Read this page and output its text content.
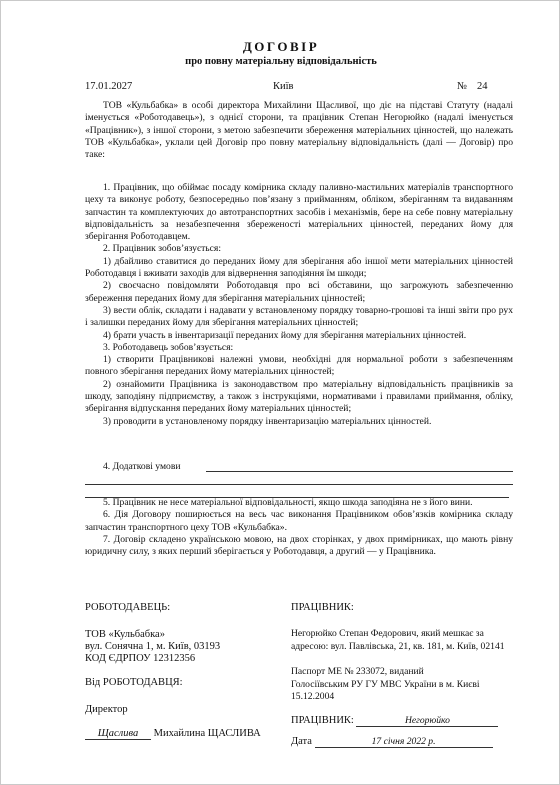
ДОГОВІР
про повну матеріальну відповідальність
17.01.2027	Київ	№ 24

ТОВ «Кульбабка» в особі директора Михайлини Щасливої, що діє на підставі Статуту (надалі іменується «Роботодавець»), з однієї сторони, та працівник Степан Негорюйко (надалі іменується «Працівник»), з іншої сторони, з метою забезпечити збереження матеріальних цінностей, що належать ТОВ «Кульбабка», уклали цей Договір про повну матеріальну відповідальність (далі — Договір) про таке:

1. Працівник, що обіймає посаду комірника складу паливно-мастильних матеріалів транспортного цеху та виконує роботу, безпосередньо пов’язану з прийманням, обліком, зберіганням та видаванням запчастин та комплектуючих до автотранспортних засобів і механізмів, бере на себе повну матеріальну відповідальність за незабезпечення збереженості матеріальних цінностей, переданих йому для зберігання Роботодавцем.

2. Працівник зобов’язується:

1) дбайливо ставитися до переданих йому для зберігання або іншої мети матеріальних цінностей Роботодавця і вживати заходів для відвернення заподіяння їм шкоди;

2) своєчасно повідомляти Роботодавця про всі обставини, що загрожують забезпеченню збереження переданих йому для зберігання матеріальних цінностей;

3) вести облік, складати і надавати у встановленому порядку товарно-грошові та інші звіти про рух і залишки переданих йому для зберігання матеріальних цінностей;

4) брати участь в інвентаризації переданих йому для зберігання матеріальних цінностей.

3. Роботодавець зобов’язується:

1) створити Працівникові належні умови, необхідні для нормальної роботи з забезпеченням повного зберігання переданих йому матеріальних цінностей;

2) ознайомити Працівника із законодавством про матеріальну відповідальність працівників за шкоду, заподіяну підприємству, а також з інструкціями, нормативами і правилами приймання, обліку, зберігання відпускання переданих йому матеріальних цінностей;

3) проводити в установленому порядку інвентаризацію матеріальних цінностей.

4. Додаткові умови

5. Працівник не несе матеріальної відповідальності, якщо шкода заподіяна не з його вини.

6. Дія Договору поширюється на весь час виконання Працівником обов’язків комірника складу запчастин транспортного цеху ТОВ «Кульбабка».

7. Договір складено українською мовою, на двох сторінках, у двох примірниках, що мають рівну юридичну силу, з яких перший зберігається у Роботодавця, а другий — у Працівника.

РОБОТОДАВЕЦЬ:
ТОВ «Кульбабка»
вул. Сонячна 1, м. Київ, 03193
КОД ЄДРПОУ 12312356
Від РОБОТОДАВЦЯ:
Директор
Щаслива Михайлина ЩАСЛИВА
ПРАЦІВНИК:
Негорюйко Степан Федорович, який мешкає за адресою: вул. Павлівська, 21, кв. 181, м. Київ, 02141
Паспорт МЕ № 233072, виданий Голосіївським РУ ГУ МВС України в м. Києві 15.12.2004
ПРАЦІВНИК:	Негорюйко
Дата	17 січня 2022 р.
